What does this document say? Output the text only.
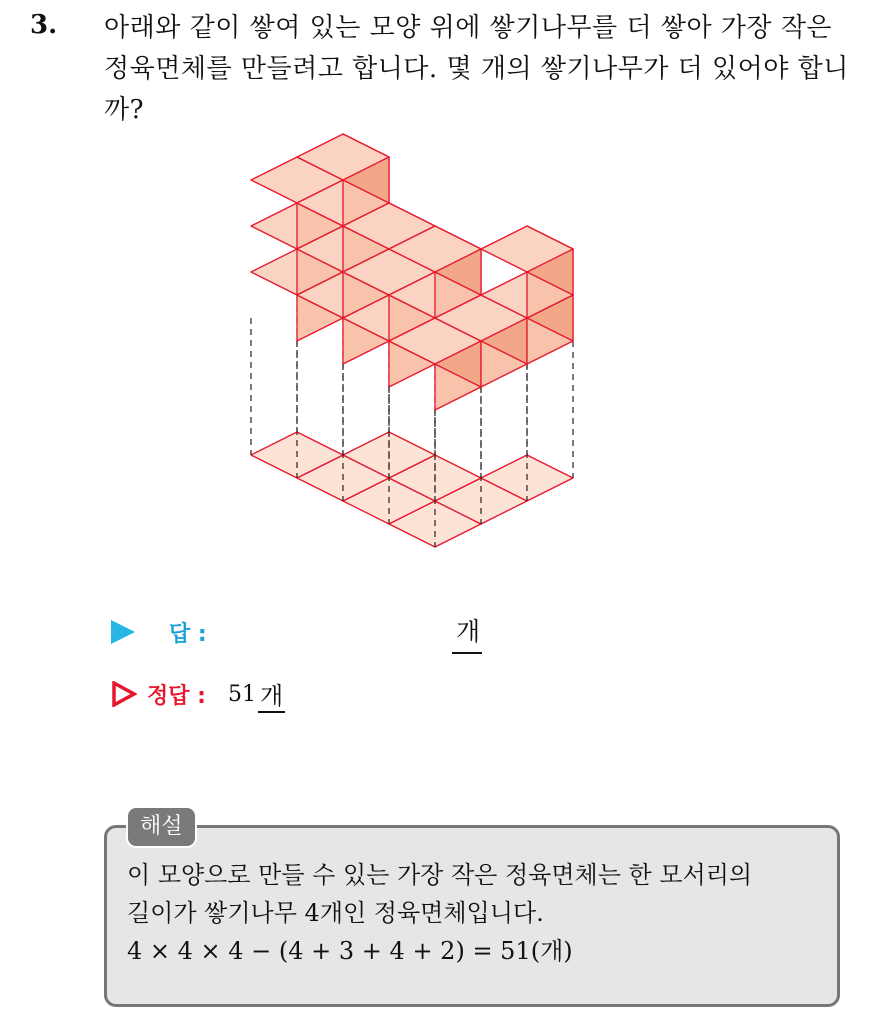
3. 아래와 같이 쌓여 있는 모양 위에 쌓기나무를 더 쌓아 가장 작은 정육면체를 만들려고 합니다. 몇 개의 쌓기나무가 더 있어야 합니까?
답 :	개
정답 : 51 개
해설
이 모양으로 만들 수 있는 가장 작은 정육면체는 한 모서리의
길이가 쌓기나무 4개인 정육면체입니다.
4 × 4 × 4 − (4 + 3 + 4 + 2) = 51(개)
